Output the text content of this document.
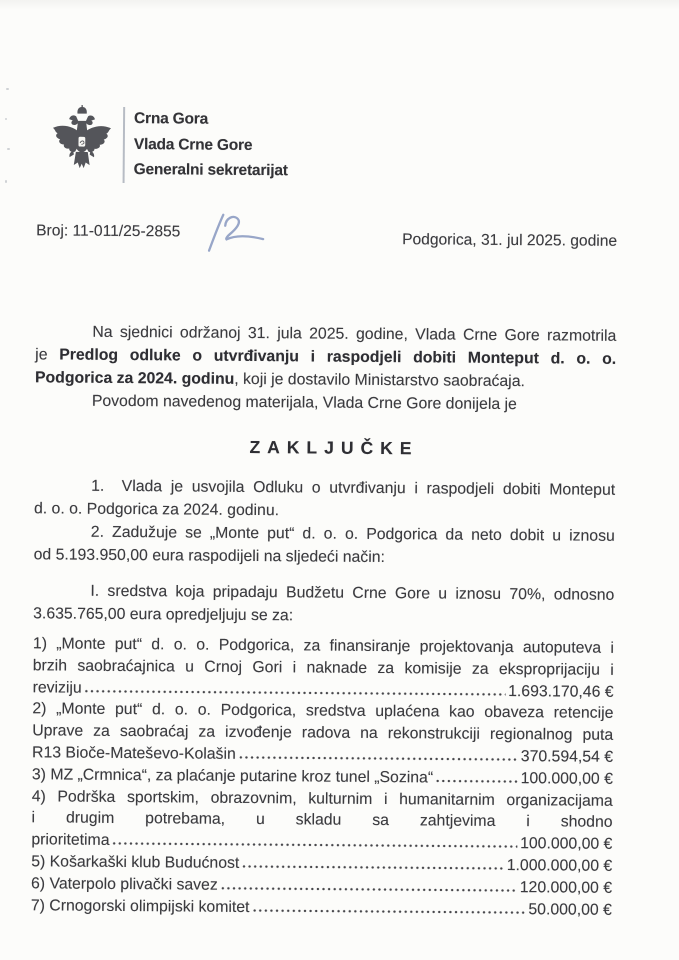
Crna Gora
Vlada Crne Gore
Generalni sekretarijat
Broj: 11-011/25-2855	Podgorica, 31. jul 2025. godine
Na sjednici održanoj 31. jula 2025. godine, Vlada Crne Gore razmotrila
je Predlog odluke o utvrđivanju i raspodjeli dobiti Monteput d. o. o.
Podgorica za 2024. godinu, koji je dostavilo Ministarstvo saobraćaja.
Povodom navedenog materijala, Vlada Crne Gore donijela je
ZAKLJUČKE
1.  Vlada je usvojila Odluku o utvrđivanju i raspodjeli dobiti Monteput
d. o. o. Podgorica za 2024. godinu.
2. Zadužuje se „Monte put“ d. o. o. Podgorica da neto dobit u iznosu
od 5.193.950,00 eura raspodijeli na sljedeći način:
I. sredstva koja pripadaju Budžetu Crne Gore u iznosu 70%, odnosno
3.635.765,00 eura opredjeljuju se za:
1) „Monte put“ d. o. o. Podgorica, za finansiranje projektovanja autoputeva i
brzih saobraćajnica u Crnoj Gori i naknade za komisije za eksproprijaciju i
reviziju	1.693.170,46 €
2) „Monte put“ d. o. o. Podgorica, sredstva uplaćena kao obaveza retencije
Uprave za saobraćaj za izvođenje radova na rekonstrukciji regionalnog puta
R13 Bioče-Mateševo-Kolašin	370.594,54 €
3) MZ „Crmnica“, za plaćanje putarine kroz tunel „Sozina“	100.000,00 €
4) Podrška sportskim, obrazovnim, kulturnim i humanitarnim organizacijama
i drugim potrebama, u skladu sa zahtjevima i shodno
prioritetima	100.000,00 €
5) Košarkaški klub Budućnost	1.000.000,00 €
6) Vaterpolo plivački savez	120.000,00 €
7) Crnogorski olimpijski komitet	50.000,00 €
